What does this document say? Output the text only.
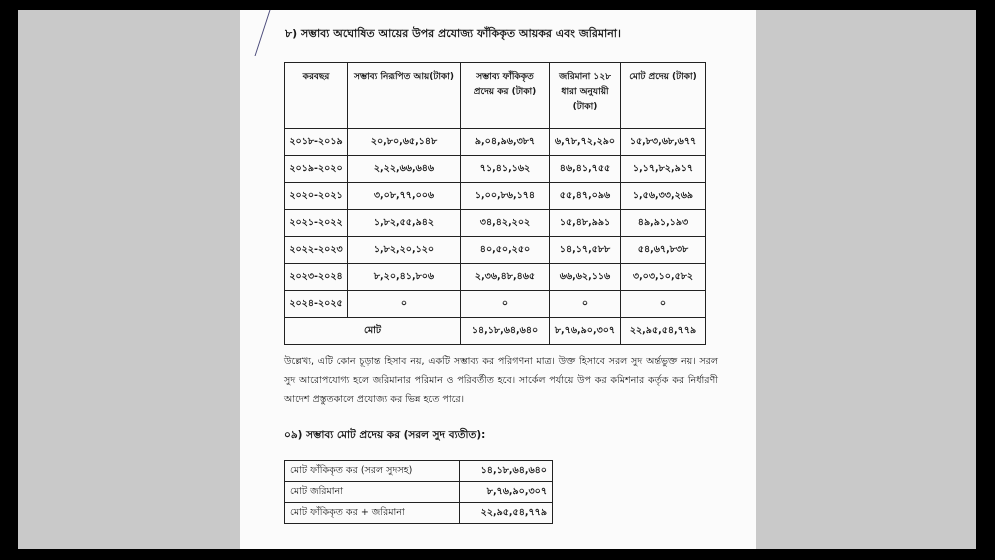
৮) সম্ভাব্য অঘোষিত আয়ের উপর প্রযোজ্য ফাঁকিকৃত আয়কর এবং জরিমানা।
করবছর	সম্ভাব্য নিরূপিত আয়(টাকা)	সম্ভাব্য ফাঁকিকৃত প্রদেয় কর (টাকা)	জরিমানা ১২৮ ধারা অনুযায়ী (টাকা)	মোট প্রদেয় (টাকা)
২০১৮-২০১৯	২০,৮০,৬৫,১৪৮	৯,০৪,৯৬,৩৮৭	৬,৭৮,৭২,২৯০	১৫,৮৩,৬৮,৬৭৭
২০১৯-২০২০	২,২২,৬৬,৬৪৬	৭১,৪১,১৬২	৪৬,৪১,৭৫৫	১,১৭,৮২,৯১৭
২০২০-২০২১	৩,০৮,৭৭,০০৬	১,০০,৮৬,১৭৪	৫৫,৪৭,০৯৬	১,৫৬,৩৩,২৬৯
২০২১-২০২২	১,৮২,৫৫,৯৪২	৩৪,৪২,২০২	১৫,৪৮,৯৯১	৪৯,৯১,১৯৩
২০২২-২০২৩	১,৮২,২০,১২০	৪০,৫০,২৫০	১৪,১৭,৫৮৮	৫৪,৬৭,৮৩৮
২০২৩-২০২৪	৮,২০,৪১,৮০৬	২,৩৬,৪৮,৪৬৫	৬৬,৬২,১১৬	৩,০৩,১০,৫৮২
২০২৪-২০২৫	০	০	০	০
মোট		১৪,১৮,৬৪,৬৪০	৮,৭৬,৯০,৩০৭	২২,৯৫,৫৪,৭৭৯
উল্লেখ্য, এটি কোন চূড়ান্ত হিসাব নয়, একটি সম্ভাব্য কর পরিগণনা মাত্র। উক্ত হিসাবে সরল সুদ অর্ন্তভুক্ত নয়। সরল সুদ আরোপযোগ্য হলে জরিমানার পরিমান ও পরিবর্তীত হবে। সার্কেল পর্যায়ে উপ কর কমিশনার কর্তৃক কর নির্ধারণী আদেশ প্রস্তুতকালে প্রযোজ্য কর ভিন্ন হতে পারে।
০৯) সম্ভাব্য মোট প্রদেয় কর (সরল সুদ ব্যতীত):
মোট ফাঁকিকৃত কর (সরল সুদসহ)	১৪,১৮,৬৪,৬৪০
মোট জরিমানা	৮,৭৬,৯০,৩০৭
মোট ফাঁকিকৃত কর + জরিমানা	২২,৯৫,৫৪,৭৭৯
